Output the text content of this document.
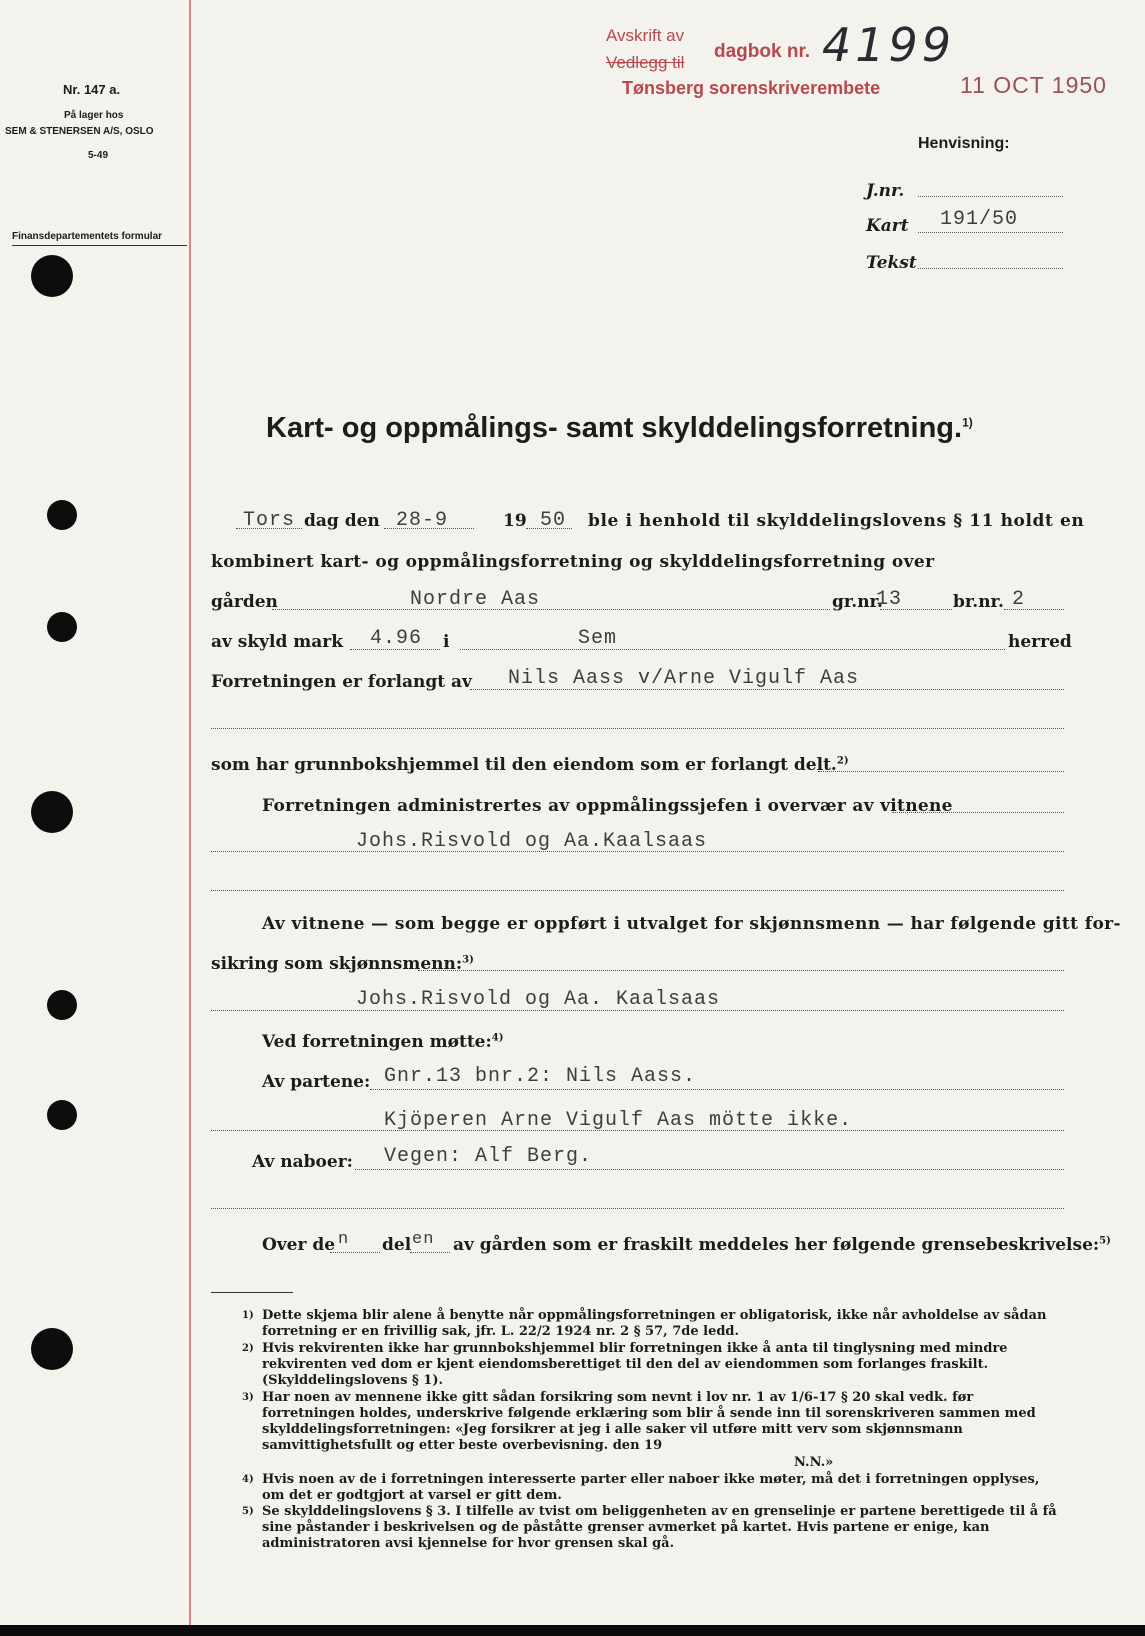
Nr. 147 a.
På lager hos
SEM & STENERSEN A/S, OSLO
5-49
Finansdepartementets formular
Avskrift av
Vedlegg til
dagbok nr. 4199
Tønsberg sorenskriverembete	11 OCT 1950
Henvisning:
J.nr.
Kart 191/50
Tekst
Kart- og oppmålings- samt skylddelingsforretning.$^{1)}$
Tors dag den 28-9	19 50 ble i henhold til skylddelingslovens § 11 holdt en
kombinert kart- og oppmålingsforretning og skylddelingsforretning over
gården	Nordre Aas	gr.nr.
13	br.nr. 2
av skyld mark 4.96 i	Sem	herred
Forretningen er forlangt av Nils Aass v/Arne Vigulf Aas
som har grunnbokshjemmel til den eiendom som er forlangt delt.$^{2)}$
Forretningen administrertes av oppmålingssjefen i overvær av vitnene
Johs.Risvold og Aa.Kaalsaas
Av vitnene — som begge er oppført i utvalget for skjønnsmenn — har følgende gitt for-
sikring som skjønnsmenn:$^{3)}$
Johs.Risvold og Aa. Kaalsaas
Ved forretningen møtte:$^{4)}$
Av partene: Gnr.13 bnr.2: Nils Aass.
Kjöperen Arne Vigulf Aas mötte ikke.
Av naboer: Vegen: Alf Berg.
Over de n del en av gården som er fraskilt meddeles her følgende grensebeskrivelse:$^{5)}$
1) Dette skjema blir alene å benytte når oppmålingsforretningen er obligatorisk, ikke når avholdelse av sådan forretning er en frivillig sak, jfr. L. 22/2 1924 nr. 2 § 57, 7de ledd.
2) Hvis rekvirenten ikke har grunnbokshjemmel blir forretningen ikke å anta til tinglysning med mindre rekvirenten ved dom er kjent eiendomsberettiget til den del av eiendommen som forlanges fraskilt. (Skylddelingslovens § 1).
3) Har noen av mennene ikke gitt sådan forsikring som nevnt i lov nr. 1 av 1/6-17 § 20 skal vedk. før forretningen holdes, underskrive følgende erklæring som blir å sende inn til sorenskriveren sammen med skylddelingsforretningen: «Jeg forsikrer at jeg i alle saker vil utføre mitt verv som skjønnsmann samvittighetsfullt og etter beste overbevisning. den 19
N.N.»
4) Hvis noen av de i forretningen interesserte parter eller naboer ikke møter, må det i forretningen opplyses, om det er godtgjort at varsel er gitt dem.
5) Se skylddelingslovens § 3. I tilfelle av tvist om beliggenheten av en grenselinje er partene berettigede til å få sine påstander i beskrivelsen og de påståtte grenser avmerket på kartet. Hvis partene er enige, kan administratoren avsi kjennelse for hvor grensen skal gå.
